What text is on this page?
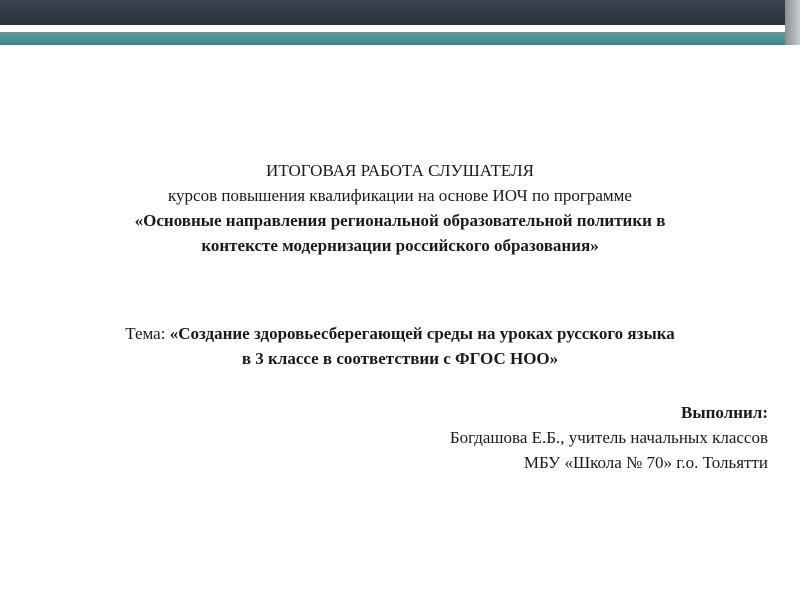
ИТОГОВАЯ РАБОТА СЛУШАТЕЛЯ
курсов повышения квалификации на основе ИОЧ по программе
«Основные направления региональной образовательной политики в
контексте модернизации российского образования»
Тема: «Создание здоровьесберегающей среды на уроках русского языка
в 3 классе в соответствии с ФГОС НОО»
Выполнил:
Богдашова Е.Б., учитель начальных классов
МБУ «Школа № 70» г.о. Тольятти
